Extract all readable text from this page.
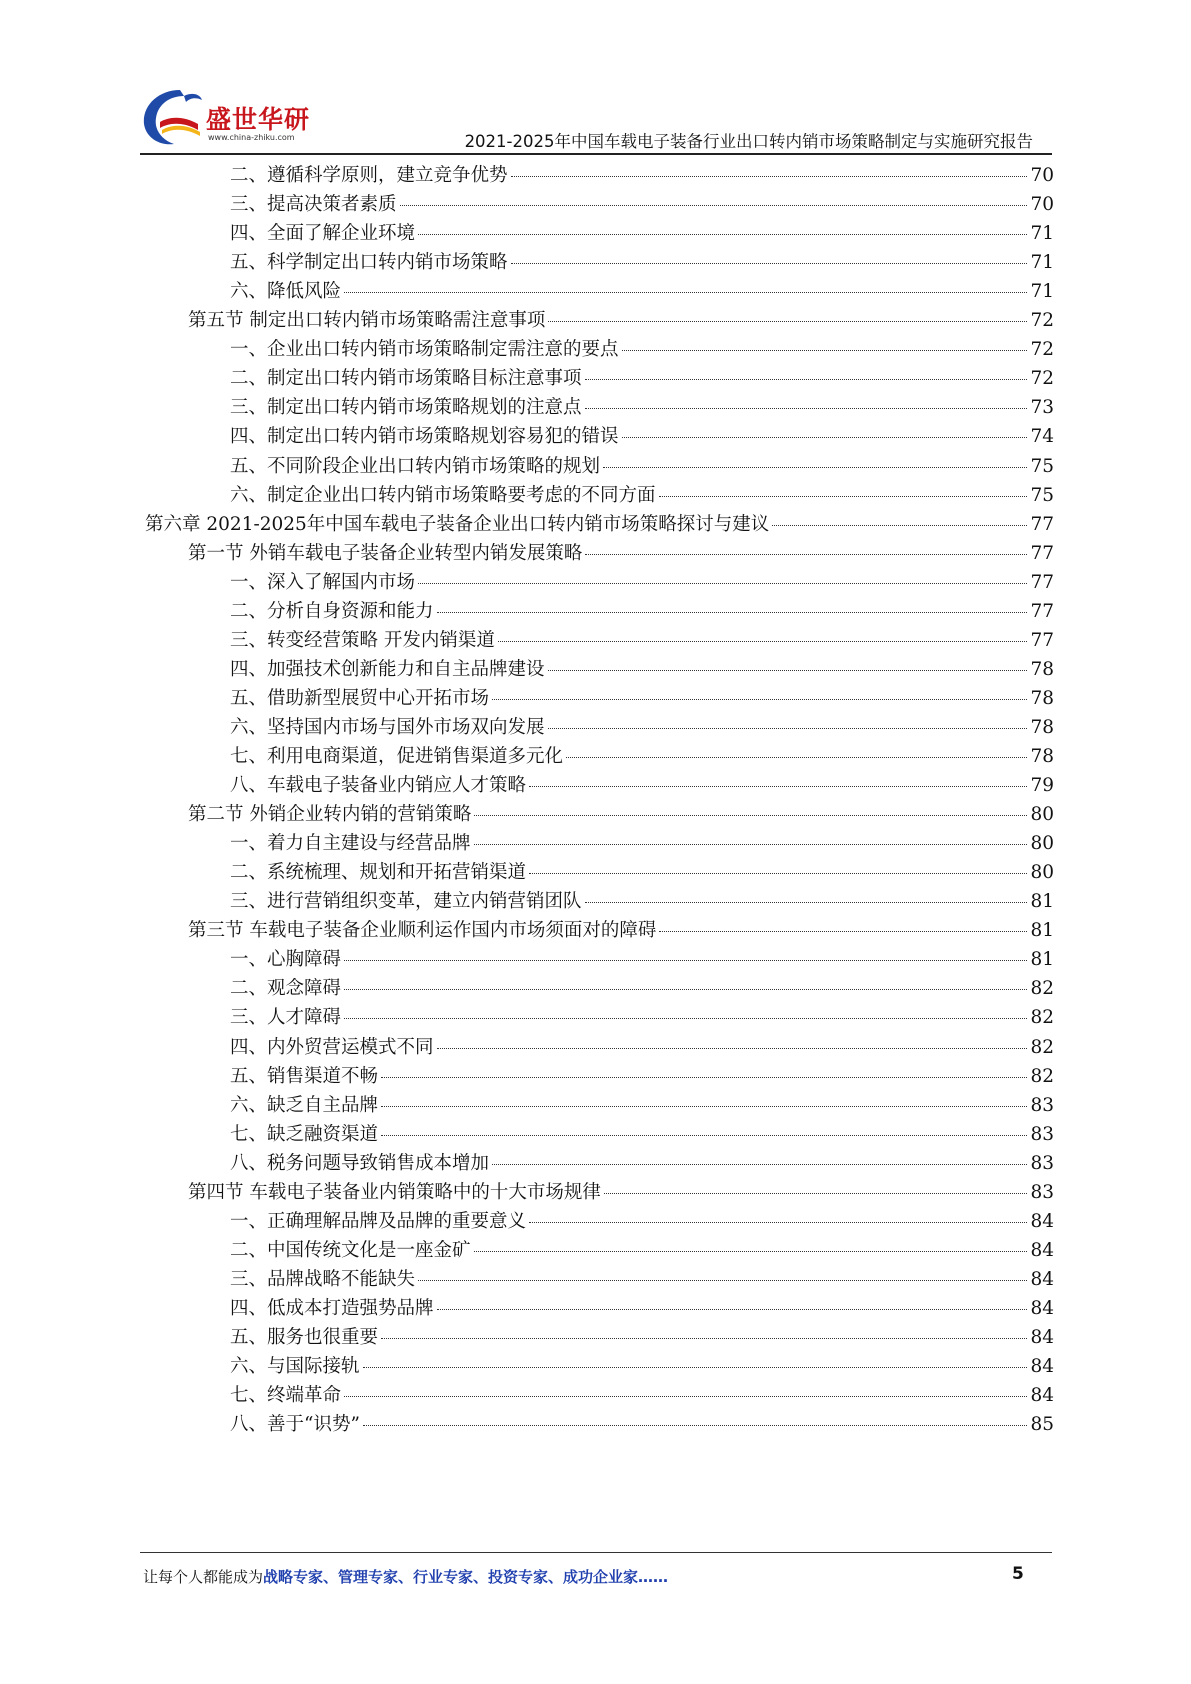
盛世华研
www.china-zhiku.com	2021-2025年中国车载电子装备行业出口转内销市场策略制定与实施研究报告
二、遵循科学原则，建立竞争优势	70
三、提高决策者素质	70
四、全面了解企业环境	71
五、科学制定出口转内销市场策略	71
六、降低风险	71
第五节 制定出口转内销市场策略需注意事项	72
一、企业出口转内销市场策略制定需注意的要点	72
二、制定出口转内销市场策略目标注意事项	72
三、制定出口转内销市场策略规划的注意点	73
四、制定出口转内销市场策略规划容易犯的错误	74
五、不同阶段企业出口转内销市场策略的规划	75
六、制定企业出口转内销市场策略要考虑的不同方面	75
第六章 2021-2025年中国车载电子装备企业出口转内销市场策略探讨与建议	77
第一节 外销车载电子装备企业转型内销发展策略	77
一、深入了解国内市场	77
二、分析自身资源和能力	77
三、转变经营策略 开发内销渠道	77
四、加强技术创新能力和自主品牌建设	78
五、借助新型展贸中心开拓市场	78
六、坚持国内市场与国外市场双向发展	78
七、利用电商渠道，促进销售渠道多元化	78
八、车载电子装备业内销应人才策略	79
第二节 外销企业转内销的营销策略	80
一、着力自主建设与经营品牌	80
二、系统梳理、规划和开拓营销渠道	80
三、进行营销组织变革，建立内销营销团队	81
第三节 车载电子装备企业顺利运作国内市场须面对的障碍	81
一、心胸障碍	81
二、观念障碍	82
三、人才障碍	82
四、内外贸营运模式不同	82
五、销售渠道不畅	82
六、缺乏自主品牌	83
七、缺乏融资渠道	83
八、税务问题导致销售成本增加	83
第四节 车载电子装备业内销策略中的十大市场规律	83
一、正确理解品牌及品牌的重要意义	84
二、中国传统文化是一座金矿	84
三、品牌战略不能缺失	84
四、低成本打造强势品牌	84
五、服务也很重要	84
六、与国际接轨	84
七、终端革命	84
八、善于“识势”	85
让每个人都能成为战略专家、管理专家、行业专家、投资专家、成功企业家……	5
